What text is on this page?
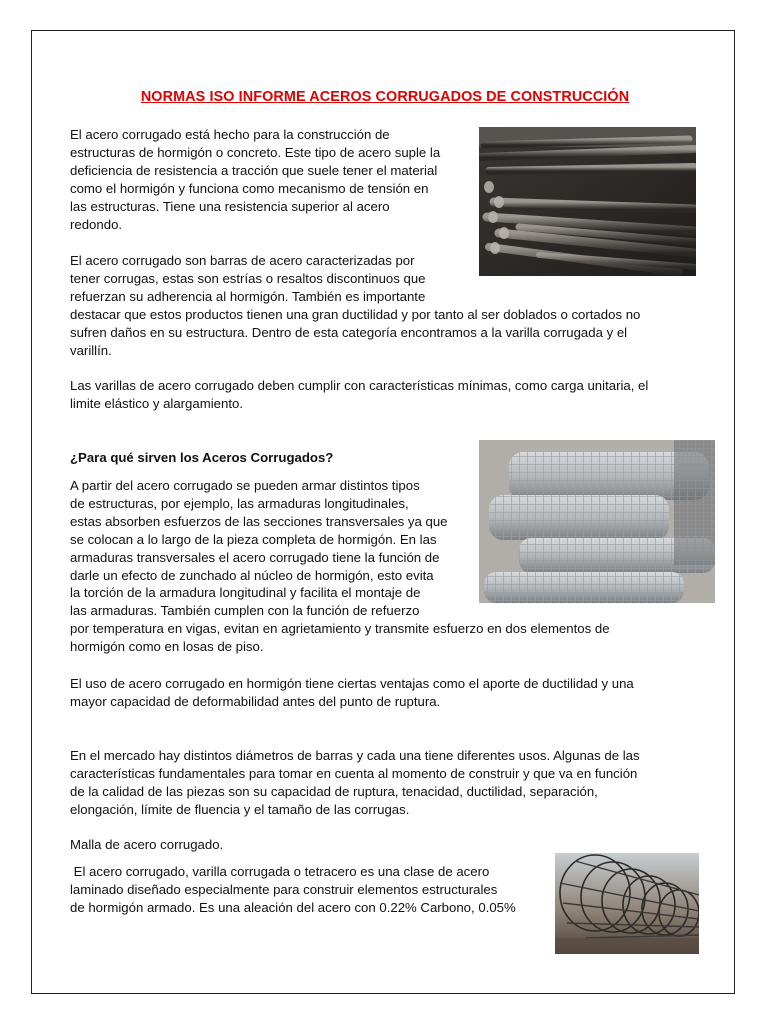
NORMAS ISO INFORME ACEROS CORRUGADOS DE CONSTRUCCIÓN
El acero corrugado está hecho para la construcción de
estructuras de hormigón o concreto. Este tipo de acero suple la
deficiencia de resistencia a tracción que suele tener el material
como el hormigón y funciona como mecanismo de tensión en
las estructuras. Tiene una resistencia superior al acero
redondo.
El acero corrugado son barras de acero caracterizadas por
tener corrugas, estas son estrías o resaltos discontinuos que
refuerzan su adherencia al hormigón. También es importante
destacar que estos productos tienen una gran ductilidad y por tanto al ser doblados o cortados no
sufren daños en su estructura. Dentro de esta categoría encontramos a la varilla corrugada y el
varillín.
Las varillas de acero corrugado deben cumplir con características mínimas, como carga unitaria, el
limite elástico y alargamiento.
¿Para qué sirven los Aceros Corrugados?
A partir del acero corrugado se pueden armar distintos tipos
de estructuras, por ejemplo, las armaduras longitudinales,
estas absorben esfuerzos de las secciones transversales ya que
se colocan a lo largo de la pieza completa de hormigón. En las
armaduras transversales el acero corrugado tiene la función de
darle un efecto de zunchado al núcleo de hormigón, esto evita
la torción de la armadura longitudinal y facilita el montaje de
las armaduras. También cumplen con la función de refuerzo
por temperatura en vigas, evitan en agrietamiento y transmite esfuerzo en dos elementos de
hormigón como en losas de piso.
El uso de acero corrugado en hormigón tiene ciertas ventajas como el aporte de ductilidad y una
mayor capacidad de deformabilidad antes del punto de ruptura.
En el mercado hay distintos diámetros de barras y cada una tiene diferentes usos. Algunas de las
características fundamentales para tomar en cuenta al momento de construir y que va en función
de la calidad de las piezas son su capacidad de ruptura, tenacidad, ductilidad, separación,
elongación, límite de fluencia y el tamaño de las corrugas.
Malla de acero corrugado.
El acero corrugado, varilla corrugada o tetracero es una clase de acero
laminado diseñado especialmente para construir elementos estructurales
de hormigón armado. Es una aleación del acero con 0.22% Carbono, 0.05%
